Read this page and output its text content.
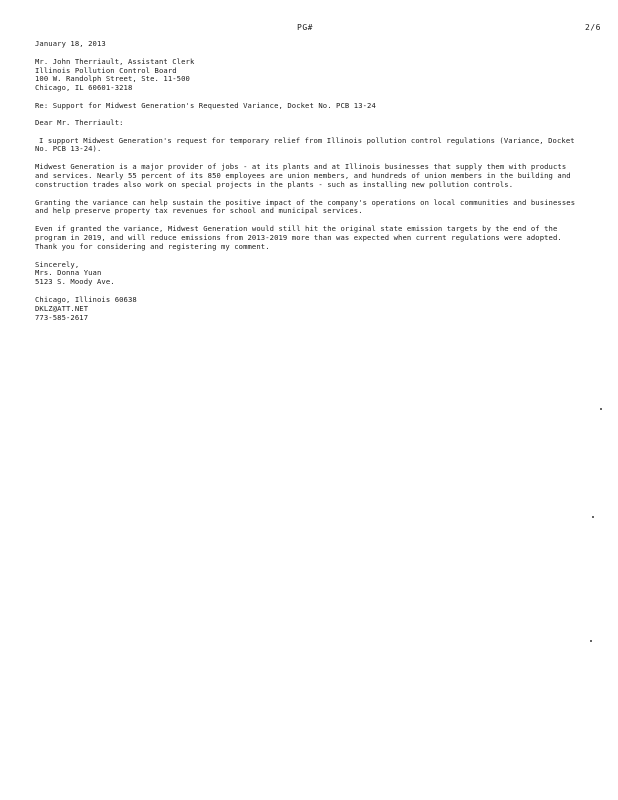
PG#	2/6
January 18, 2013
Mr. John Therriault, Assistant Clerk
Illinois Pollution Control Board
100 W. Randolph Street, Ste. 11-500
Chicago, IL 60601-3218
Re: Support for Midwest Generation's Requested Variance, Docket No. PCB 13-24
Dear Mr. Therriault:
I support Midwest Generation's request for temporary relief from Illinois pollution control regulations (Variance, Docket No. PCB 13-24).
Midwest Generation is a major provider of jobs - at its plants and at Illinois businesses that supply them with products and services. Nearly 55 percent of its 850 employees are union members, and hundreds of union members in the building and construction trades also work on special projects in the plants - such as installing new pollution controls.
Granting the variance can help sustain the positive impact of the company's operations on local communities and businesses and help preserve property tax revenues for school and municipal services.
Even if granted the variance, Midwest Generation would still hit the original state emission targets by the end of the program in 2019, and will reduce emissions from 2013-2019 more than was expected when current regulations were adopted.
Thank you for considering and registering my comment.
Sincerely,
Mrs. Donna Yuan
5123 S. Moody Ave.
Chicago, Illinois 60638
DKLZ@ATT.NET
773-585-2617
